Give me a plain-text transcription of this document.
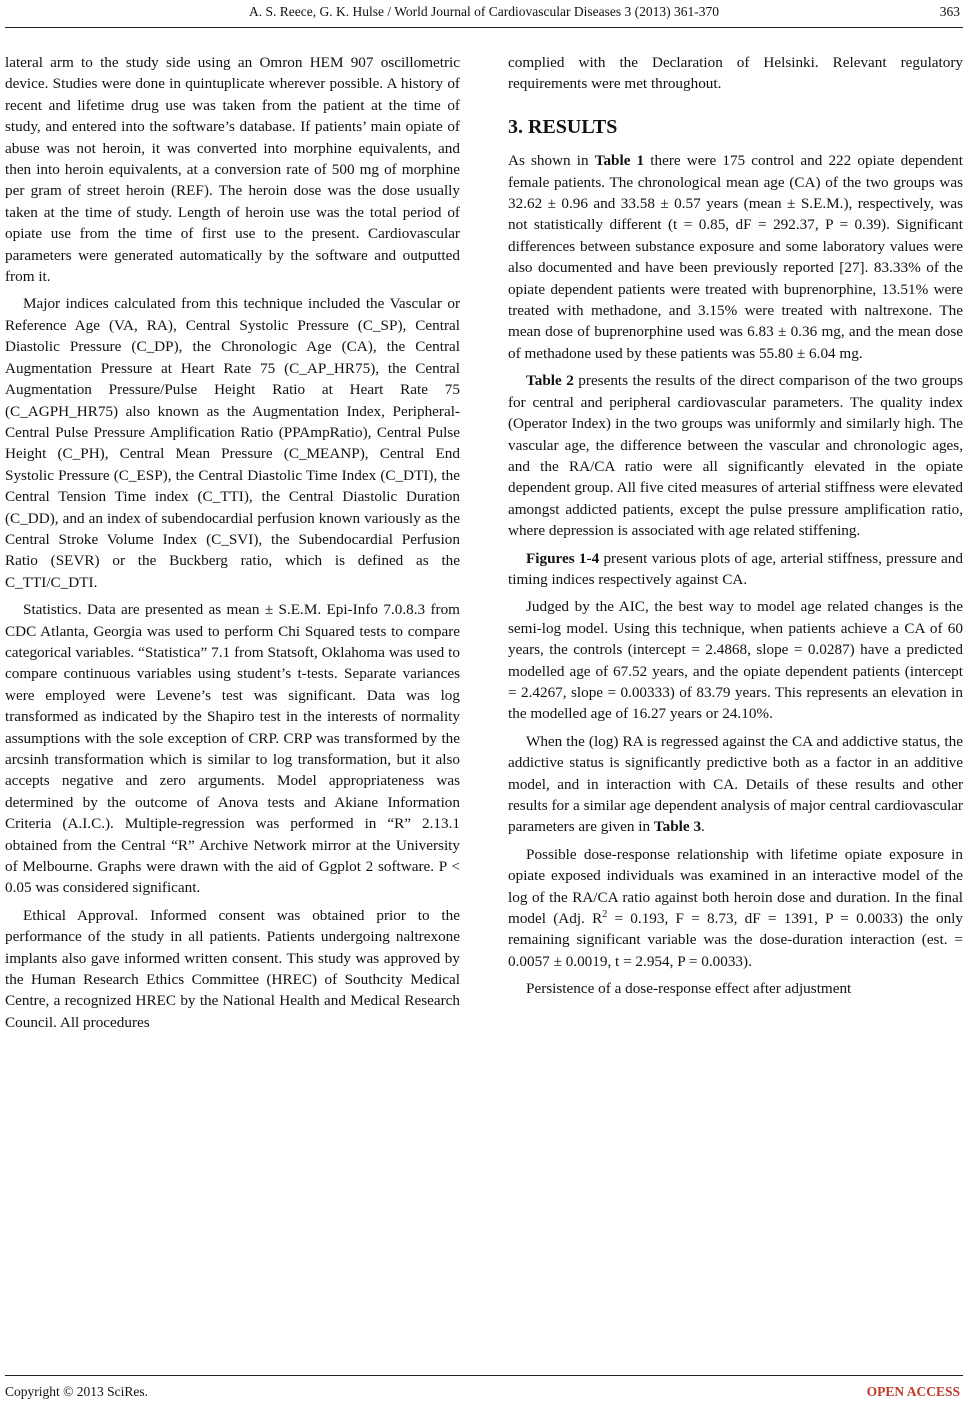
A. S. Reece, G. K. Hulse / World Journal of Cardiovascular Diseases 3 (2013) 361-370	363

lateral arm to the study side using an Omron HEM 907 oscillometric device. Studies were done in quintuplicate wherever possible. A history of recent and lifetime drug use was taken from the patient at the time of study, and entered into the software’s database. If patients’ main opiate of abuse was not heroin, it was converted into morphine equivalents, and then into heroin equivalents, at a conversion rate of 500 mg of morphine per gram of street heroin (REF). The heroin dose was the dose usually taken at the time of study. Length of heroin use was the total period of opiate use from the time of first use to the present. Cardiovascular parameters were generated automatically by the software and outputted from it.

Major indices calculated from this technique included the Vascular or Reference Age (VA, RA), Central Systolic Pressure (C_SP), Central Diastolic Pressure (C_DP), the Chronologic Age (CA), the Central Augmentation Pressure at Heart Rate 75 (C_AP_HR75), the Central Augmentation Pressure/Pulse Height Ratio at Heart Rate 75 (C_AGPH_HR75) also known as the Augmentation Index, Peripheral-Central Pulse Pressure Amplification Ratio (PPAmpRatio), Central Pulse Height (C_PH), Central Mean Pressure (C_MEANP), Central End Systolic Pressure (C_ESP), the Central Diastolic Time Index (C_DTI), the Central Tension Time index (C_TTI), the Central Diastolic Duration (C_DD), and an index of subendocardial perfusion known variously as the Central Stroke Volume Index (C_SVI), the Subendocardial Perfusion Ratio (SEVR) or the Buckberg ratio, which is defined as the C_TTI/C_DTI.

Statistics. Data are presented as mean ± S.E.M. Epi-Info 7.0.8.3 from CDC Atlanta, Georgia was used to perform Chi Squared tests to compare categorical variables. “Statistica” 7.1 from Statsoft, Oklahoma was used to compare continuous variables using student’s t-tests. Separate variances were employed were Levene’s test was significant. Data was log transformed as indicated by the Shapiro test in the interests of normality assumptions with the sole exception of CRP. CRP was transformed by the arcsinh transformation which is similar to log transformation, but it also accepts negative and zero arguments. Model appropriateness was determined by the outcome of Anova tests and Akiane Information Criteria (A.I.C.). Multiple-regression was performed in “R” 2.13.1 obtained from the Central “R” Archive Network mirror at the University of Melbourne. Graphs were drawn with the aid of Ggplot 2 software. P < 0.05 was considered significant.

Ethical Approval. Informed consent was obtained prior to the performance of the study in all patients. Patients undergoing naltrexone implants also gave informed written consent. This study was approved by the Human Research Ethics Committee (HREC) of Southcity Medical Centre, a recognized HREC by the National Health and Medical Research Council. All procedures

complied with the Declaration of Helsinki. Relevant regulatory requirements were met throughout.

3. RESULTS

As shown in Table 1 there were 175 control and 222 opiate dependent female patients. The chronological mean age (CA) of the two groups was 32.62 ± 0.96 and 33.58 ± 0.57 years (mean ± S.E.M.), respectively, was not statistically different (t = 0.85, dF = 292.37, P = 0.39). Significant differences between substance exposure and some laboratory values were also documented and have been previously reported [27]. 83.33% of the opiate dependent patients were treated with buprenorphine, 13.51% were treated with methadone, and 3.15% were treated with naltrexone. The mean dose of buprenorphine used was 6.83 ± 0.36 mg, and the mean dose of methadone used by these patients was 55.80 ± 6.04 mg.

Table 2 presents the results of the direct comparison of the two groups for central and peripheral cardiovascular parameters. The quality index (Operator Index) in the two groups was uniformly and similarly high. The vascular age, the difference between the vascular and chronologic ages, and the RA/CA ratio were all significantly elevated in the opiate dependent group. All five cited measures of arterial stiffness were elevated amongst addicted patients, except the pulse pressure amplification ratio, where depression is associated with age related stiffening.

Figures 1-4 present various plots of age, arterial stiffness, pressure and timing indices respectively against CA.

Judged by the AIC, the best way to model age related changes is the semi-log model. Using this technique, when patients achieve a CA of 60 years, the controls (intercept = 2.4868, slope = 0.0287) have a predicted modelled age of 67.52 years, and the opiate dependent patients (intercept = 2.4267, slope = 0.00333) of 83.79 years. This represents an elevation in the modelled age of 16.27 years or 24.10%.

When the (log) RA is regressed against the CA and addictive status, the addictive status is significantly predictive both as a factor in an additive model, and in interaction with CA. Details of these results and other results for a similar age dependent analysis of major central cardiovascular parameters are given in Table 3.

Possible dose-response relationship with lifetime opiate exposure in opiate exposed individuals was examined in an interactive model of the log of the RA/CA ratio against both heroin dose and duration. In the final model (Adj. $R^2 = 0.193$, F = 8.73, dF = 1391, P = 0.0033) the only remaining significant variable was the dose-duration interaction (est. = 0.0057 ± 0.0019, t = 2.954, P = 0.0033).

Persistence of a dose-response effect after adjustment

Copyright © 2013 SciRes.	OPEN ACCESS
